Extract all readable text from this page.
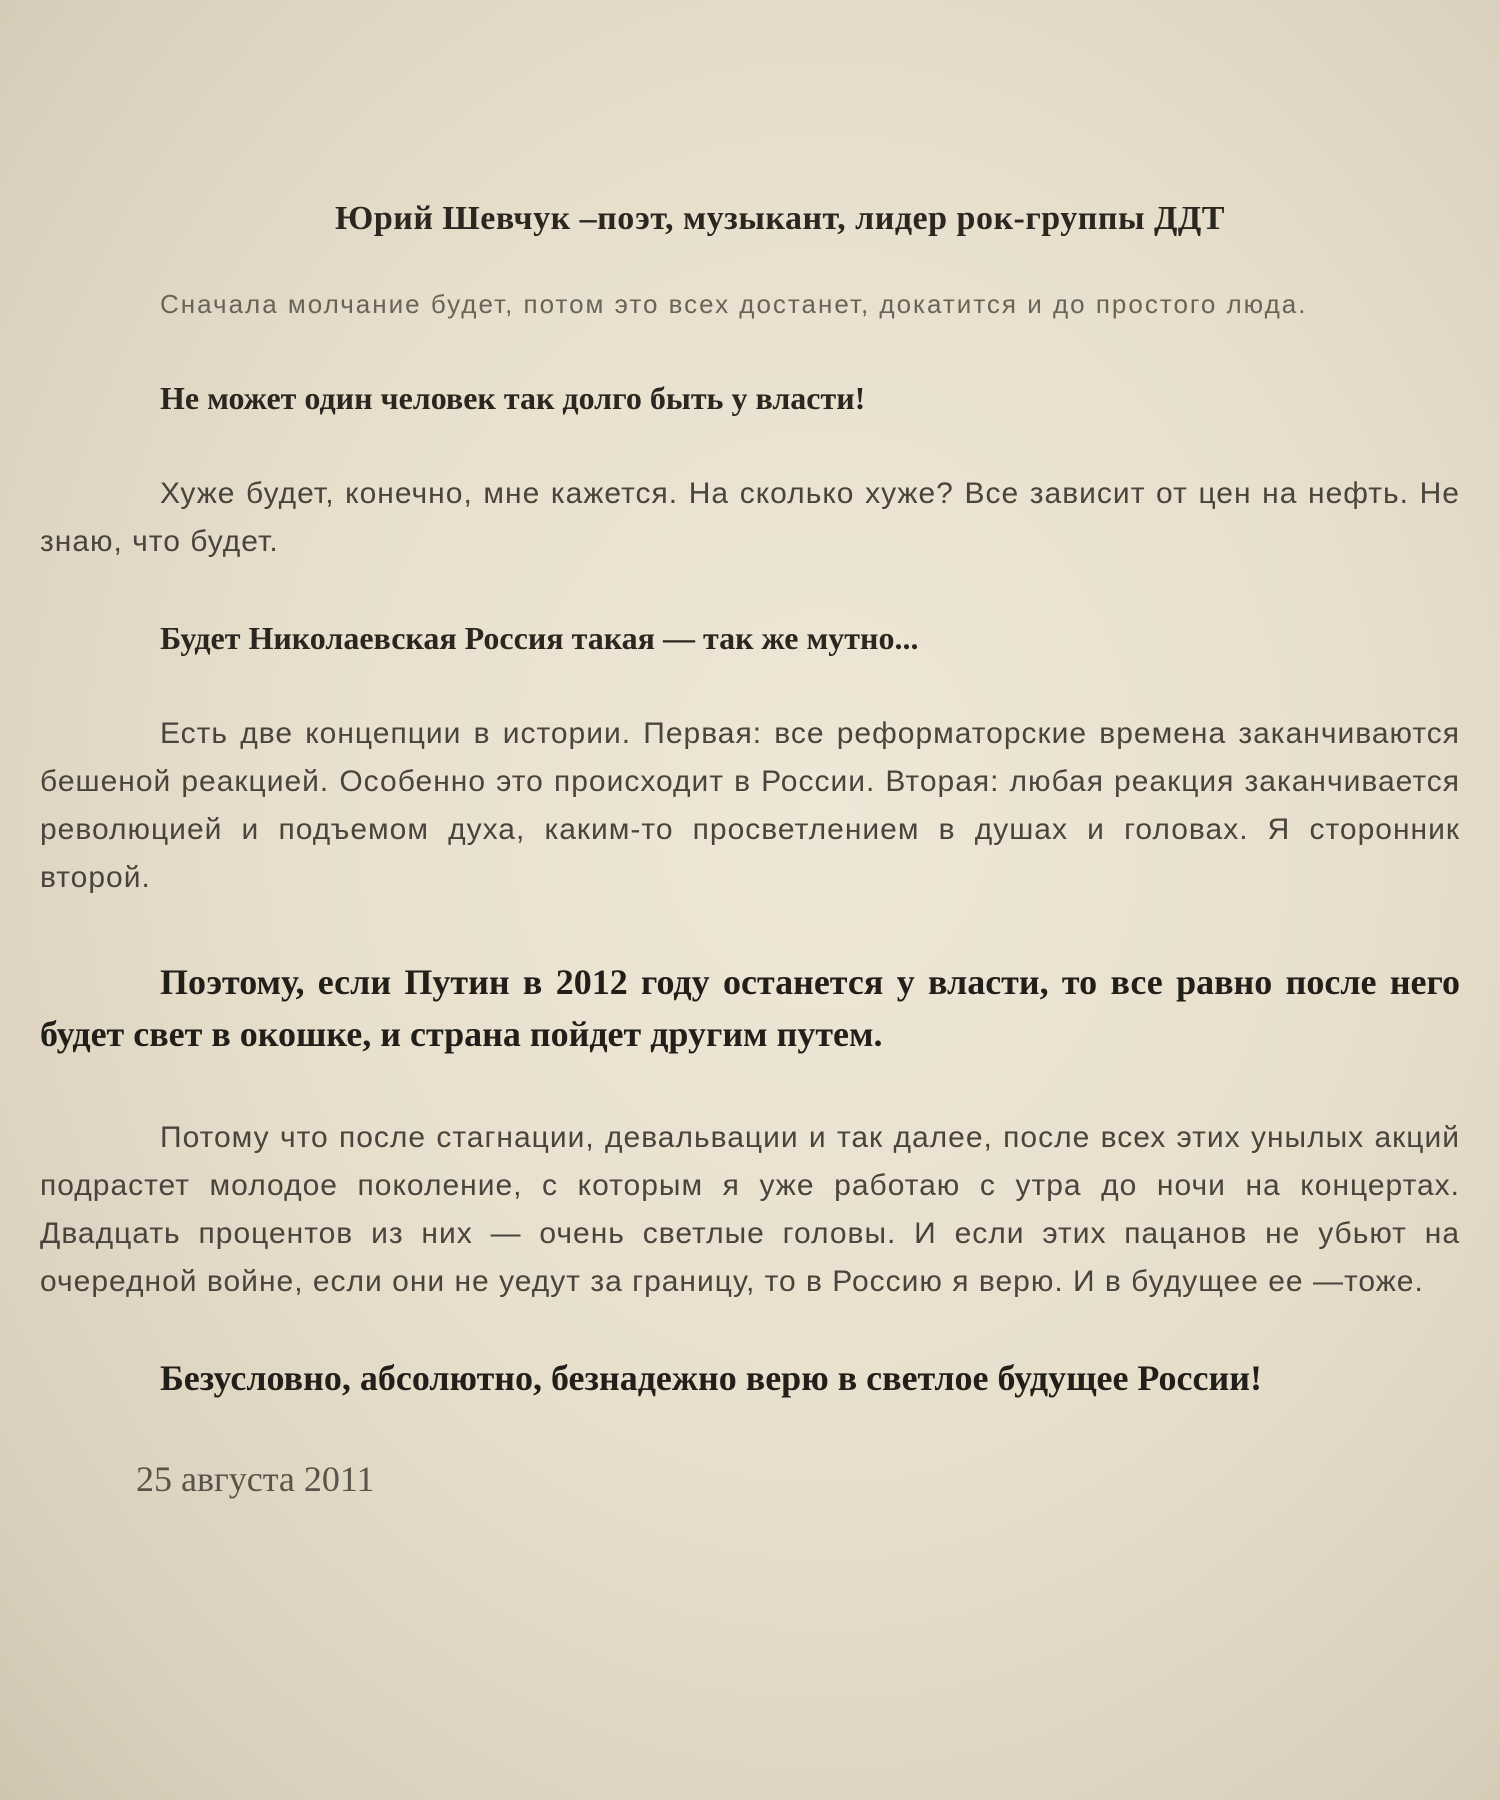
Юрий Шевчук –поэт, музыкант, лидер рок-группы ДДТ

Сначала молчание будет, потом это всех достанет, докатится и до простого люда.

Не может один человек так долго быть у власти!

Хуже будет, конечно, мне кажется. На сколько хуже? Все зависит от цен на нефть. Не знаю, что будет.

Будет Николаевская Россия такая — так же мутно...

Есть две концепции в истории. Первая: все реформаторские времена заканчиваются бешеной реакцией. Особенно это происходит в России. Вторая: любая реакция заканчивается революцией и подъемом духа, каким-то просветлением в душах и головах. Я сторонник второй.

Поэтому, если Путин в 2012 году останется у власти, то все равно после него будет свет в окошке, и страна пойдет другим путем.

Потому что после стагнации, девальвации и так далее, после всех этих унылых акций подрастет молодое поколение, с которым я уже работаю с утра до ночи на концертах. Двадцать процентов из них — очень светлые головы. И если этих пацанов не убьют на очередной войне, если они не уедут за границу, то в Россию я верю. И в будущее ее —тоже.

Безусловно, абсолютно, безнадежно верю в светлое будущее России!

25 августа 2011
